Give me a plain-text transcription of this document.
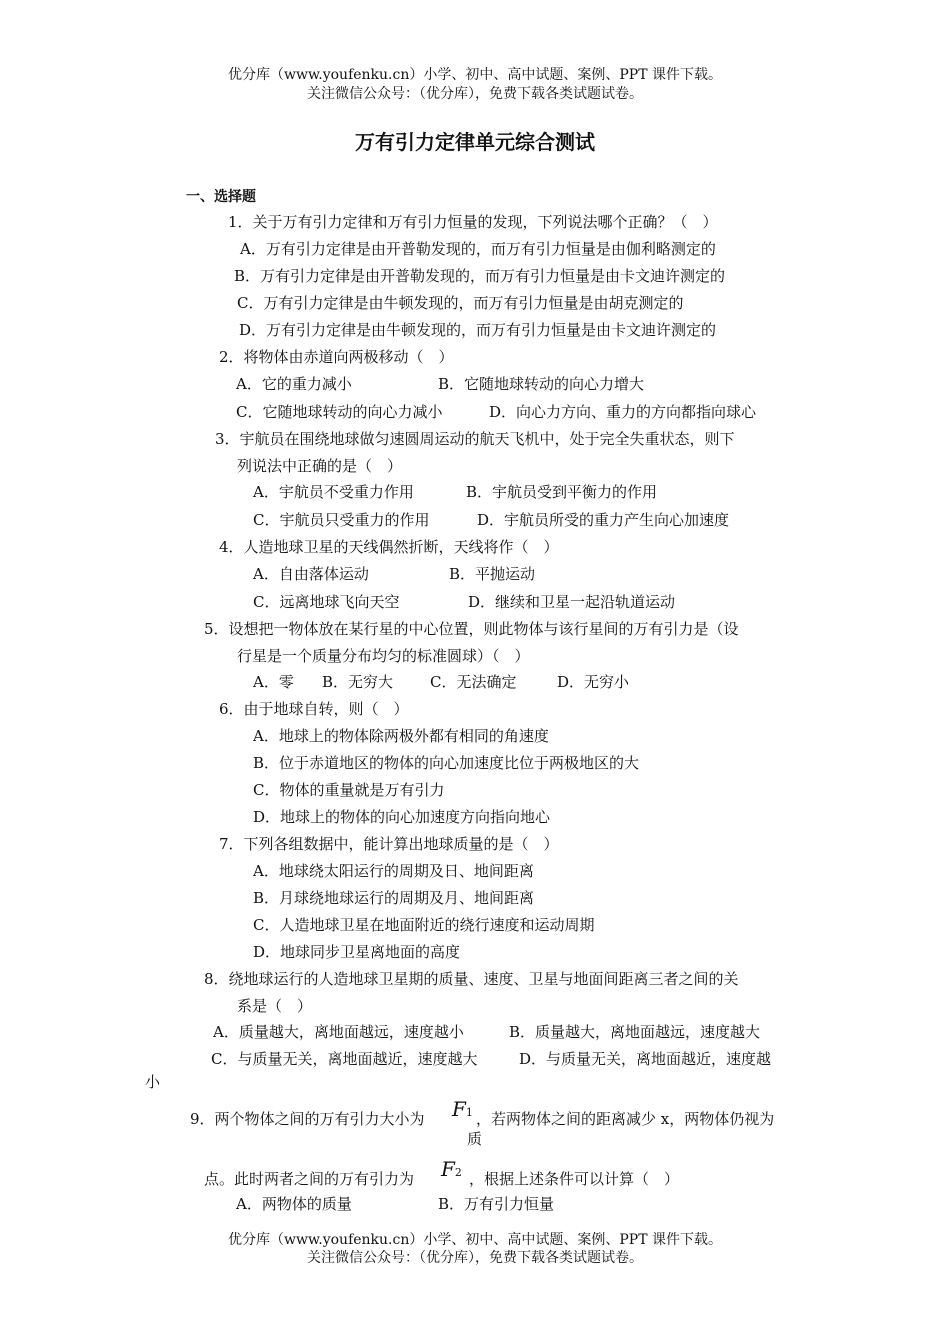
优分库（www.youfenku.cn）小学、初中、高中试题、案例、PPT 课件下载。
关注微信公众号：（优分库），免费下载各类试题试卷。
万有引力定律单元综合测试
一、选择题
1．关于万有引力定律和万有引力恒量的发现，下列说法哪个正确？（　）
A．万有引力定律是由开普勒发现的，而万有引力恒量是由伽利略测定的
B．万有引力定律是由开普勒发现的，而万有引力恒量是由卡文迪许测定的
C．万有引力定律是由牛顿发现的，而万有引力恒量是由胡克测定的
D．万有引力定律是由牛顿发现的，而万有引力恒量是由卡文迪许测定的
2．将物体由赤道向两极移动（　）
A．它的重力减小	B．它随地球转动的向心力增大
C．它随地球转动的向心力减小	D．向心力方向、重力的方向都指向球心
3．宇航员在围绕地球做匀速圆周运动的航天飞机中，处于完全失重状态，则下
列说法中正确的是（　）
A．宇航员不受重力作用	B．宇航员受到平衡力的作用
C．宇航员只受重力的作用	D．宇航员所受的重力产生向心加速度
4．人造地球卫星的天线偶然折断，天线将作（　）
A．自由落体运动	B．平抛运动
C．远离地球飞向天空	D．继续和卫星一起沿轨道运动
5．设想把一物体放在某行星的中心位置，则此物体与该行星间的万有引力是（设
行星是一个质量分布均匀的标准圆球）（　）
A．零 B．无穷大 C．无法确定	D．无穷小
6．由于地球自转，则（　）
A．地球上的物体除两极外都有相同的角速度
B．位于赤道地区的物体的向心加速度比位于两极地区的大
C．物体的重量就是万有引力
D．地球上的物体的向心加速度方向指向地心
7．下列各组数据中，能计算出地球质量的是（　）
A．地球绕太阳运行的周期及日、地间距离
B．月球绕地球运行的周期及月、地间距离
C．人造地球卫星在地面附近的绕行速度和运动周期
D．地球同步卫星离地面的高度
8．绕地球运行的人造地球卫星期的质量、速度、卫星与地面间距离三者之间的关
系是（　）
A．质量越大，离地面越远，速度越小	B．质量越大，离地面越远，速度越大
C．与质量无关，离地面越近，速度越大	D．与质量无关，离地面越近，速度越
小
9．两个物体之间的万有引力大小为 F1 ，若两物体之间的距离减少 x，两物体仍视为
质
点。此时两者之间的万有引力为 F2 ，根据上述条件可以计算（　）
A．两物体的质量	B．万有引力恒量
优分库（www.youfenku.cn）小学、初中、高中试题、案例、PPT 课件下载。
关注微信公众号：（优分库），免费下载各类试题试卷。
